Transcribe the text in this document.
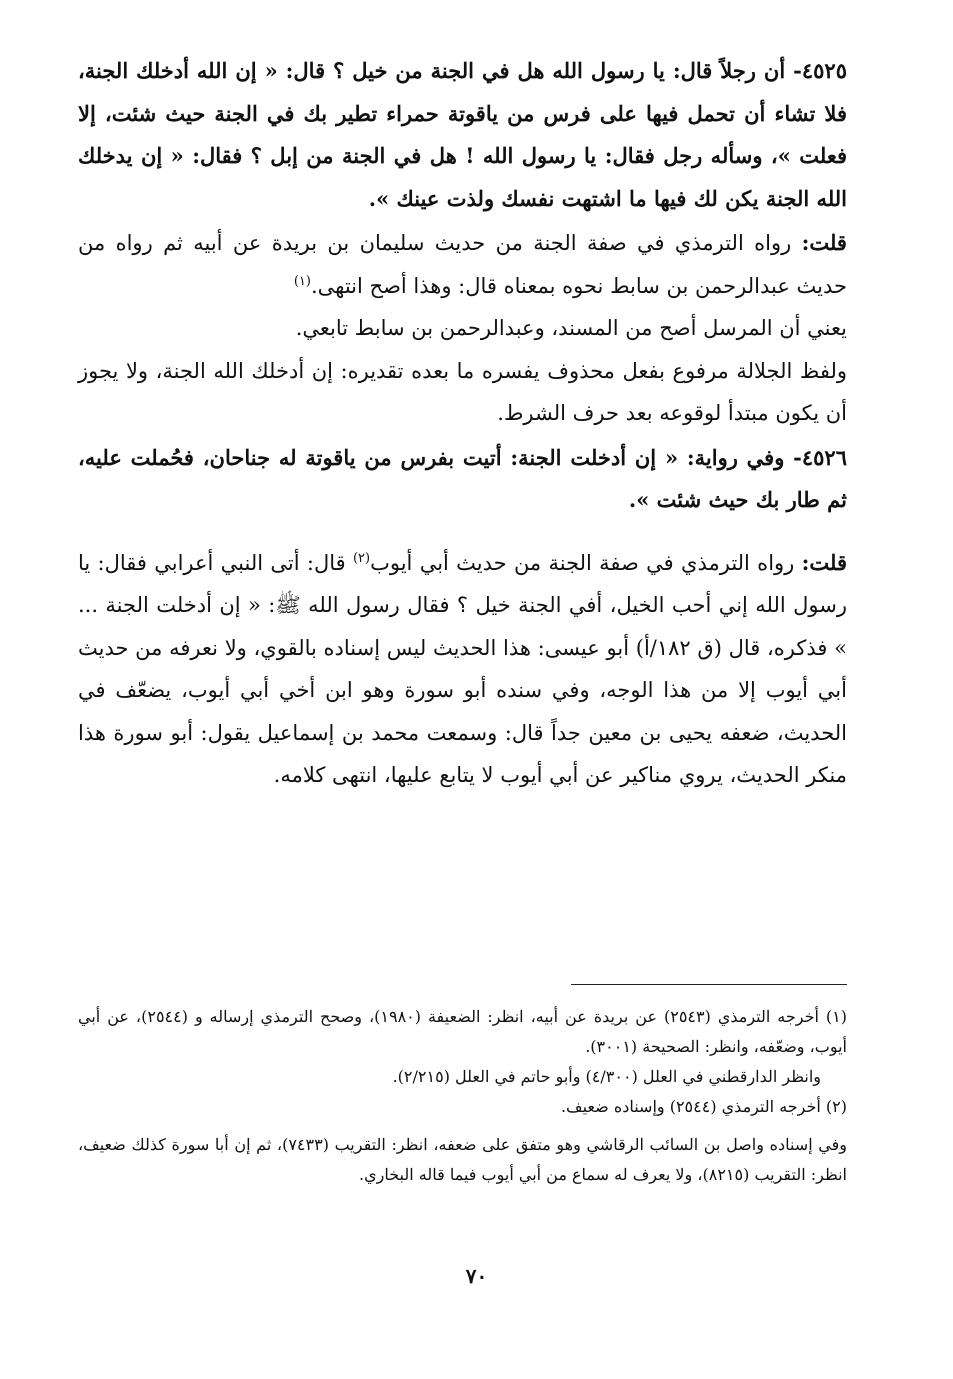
٤٥٢٥- أن رجلاً قال: يا رسول الله هل في الجنة من خيل ؟ قال: « إن الله أدخلك الجنة، فلا تشاء أن تحمل فيها على فرس من ياقوتة حمراء تطير بك في الجنة حيث شئت، إلا فعلت »، وسأله رجل فقال: يا رسول الله ! هل في الجنة من إبل ؟ فقال: « إن يدخلك الله الجنة يكن لك فيها ما اشتهت نفسك ولذت عينك ».

قلت: رواه الترمذي في صفة الجنة من حديث سليمان بن بريدة عن أبيه ثم رواه من حديث عبدالرحمن بن سابط نحوه بمعناه قال: وهذا أصح انتهى.$^{(١)}$

يعني أن المرسل أصح من المسند، وعبدالرحمن بن سابط تابعي.

ولفظ الجلالة مرفوع بفعل محذوف يفسره ما بعده تقديره: إن أدخلك الله الجنة، ولا يجوز أن يكون مبتدأ لوقوعه بعد حرف الشرط.

٤٥٢٦- وفي رواية: « إن أدخلت الجنة: أتيت بفرس من ياقوتة له جناحان، فحُملت عليه، ثم طار بك حيث شئت ».

قلت: رواه الترمذي في صفة الجنة من حديث أبي أيوب$^{(٢)}$ قال: أتى النبي أعرابي فقال: يا رسول الله إني أحب الخيل، أفي الجنة خيل ؟ فقال رسول الله ﷺ: « إن أدخلت الجنة ... » فذكره، قال (ق ١٨٢/أ) أبو عيسى: هذا الحديث ليس إسناده بالقوي، ولا نعرفه من حديث أبي أيوب إلا من هذا الوجه، وفي سنده أبو سورة وهو ابن أخي أبي أيوب، يضعّف في الحديث، ضعفه يحيى بن معين جداً قال: وسمعت محمد بن إسماعيل يقول: أبو سورة هذا منكر الحديث، يروي مناكير عن أبي أيوب لا يتابع عليها، انتهى كلامه.

(١) أخرجه الترمذي (٢٥٤٣) عن بريدة عن أبيه، انظر: الضعيفة (١٩٨٠)، وصحح الترمذي إرساله و (٢٥٤٤)، عن أبي أيوب، وضعّفه، وانظر: الصحيحة (٣٠٠١).

وانظر الدارقطني في العلل (٤/٣٠٠) وأبو حاتم في العلل (٢/٢١٥).

(٢) أخرجه الترمذي (٢٥٤٤) وإسناده ضعيف.

وفي إسناده واصل بن السائب الرقاشي وهو متفق على ضعفه، انظر: التقريب (٧٤٣٣)، ثم إن أبا سورة كذلك ضعيف، انظر: التقريب (٨٢١٥)، ولا يعرف له سماع من أبي أيوب فيما قاله البخاري.

٧٠
